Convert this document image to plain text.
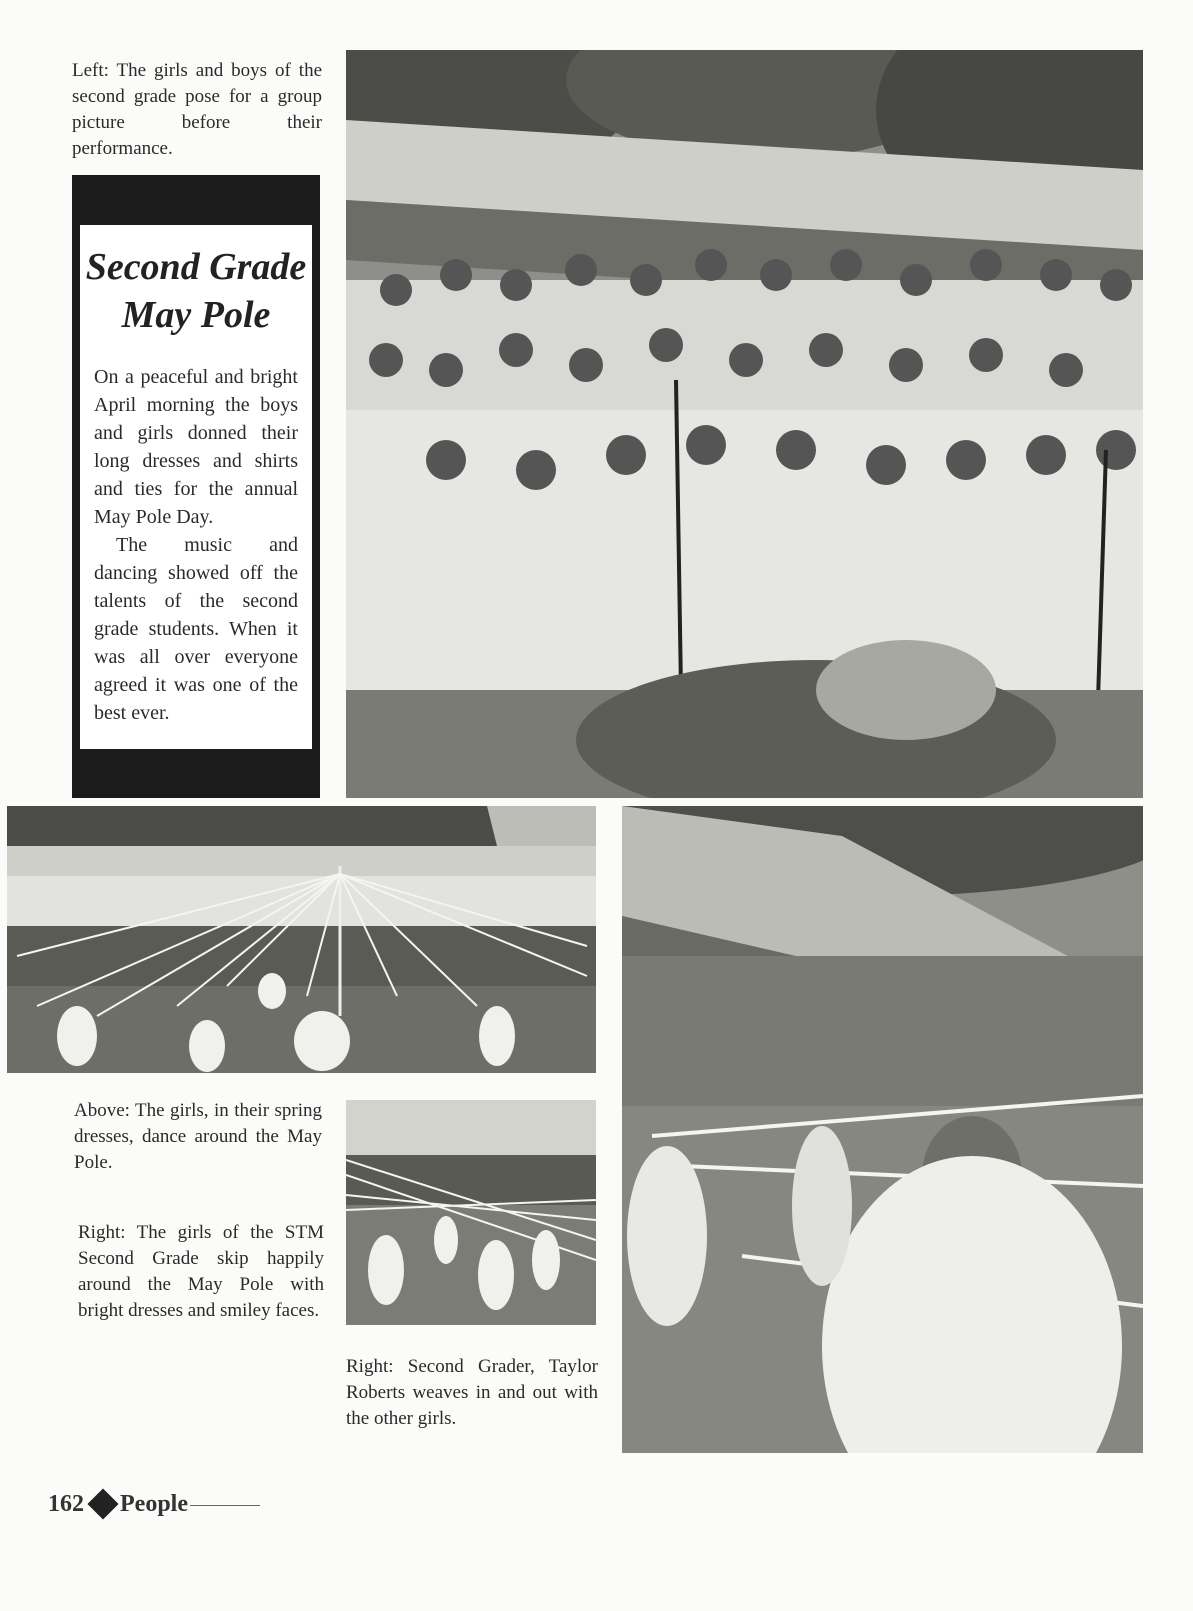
Left: The girls and boys of the second grade pose for a group picture before their performance.
Second Grade
May Pole

On a peaceful and bright April morning the boys and girls donned their long dresses and shirts and ties for the annual May Pole Day.

The music and dancing showed off the talents of the second grade students. When it was all over everyone agreed it was one of the best ever.

Above: The girls, in their spring dresses, dance around the May Pole.
Right: The girls of the STM Second Grade skip happily around the May Pole with bright dresses and smiley faces.
Right: Second Grader, Taylor Roberts weaves in and out with the other girls.
162 People
